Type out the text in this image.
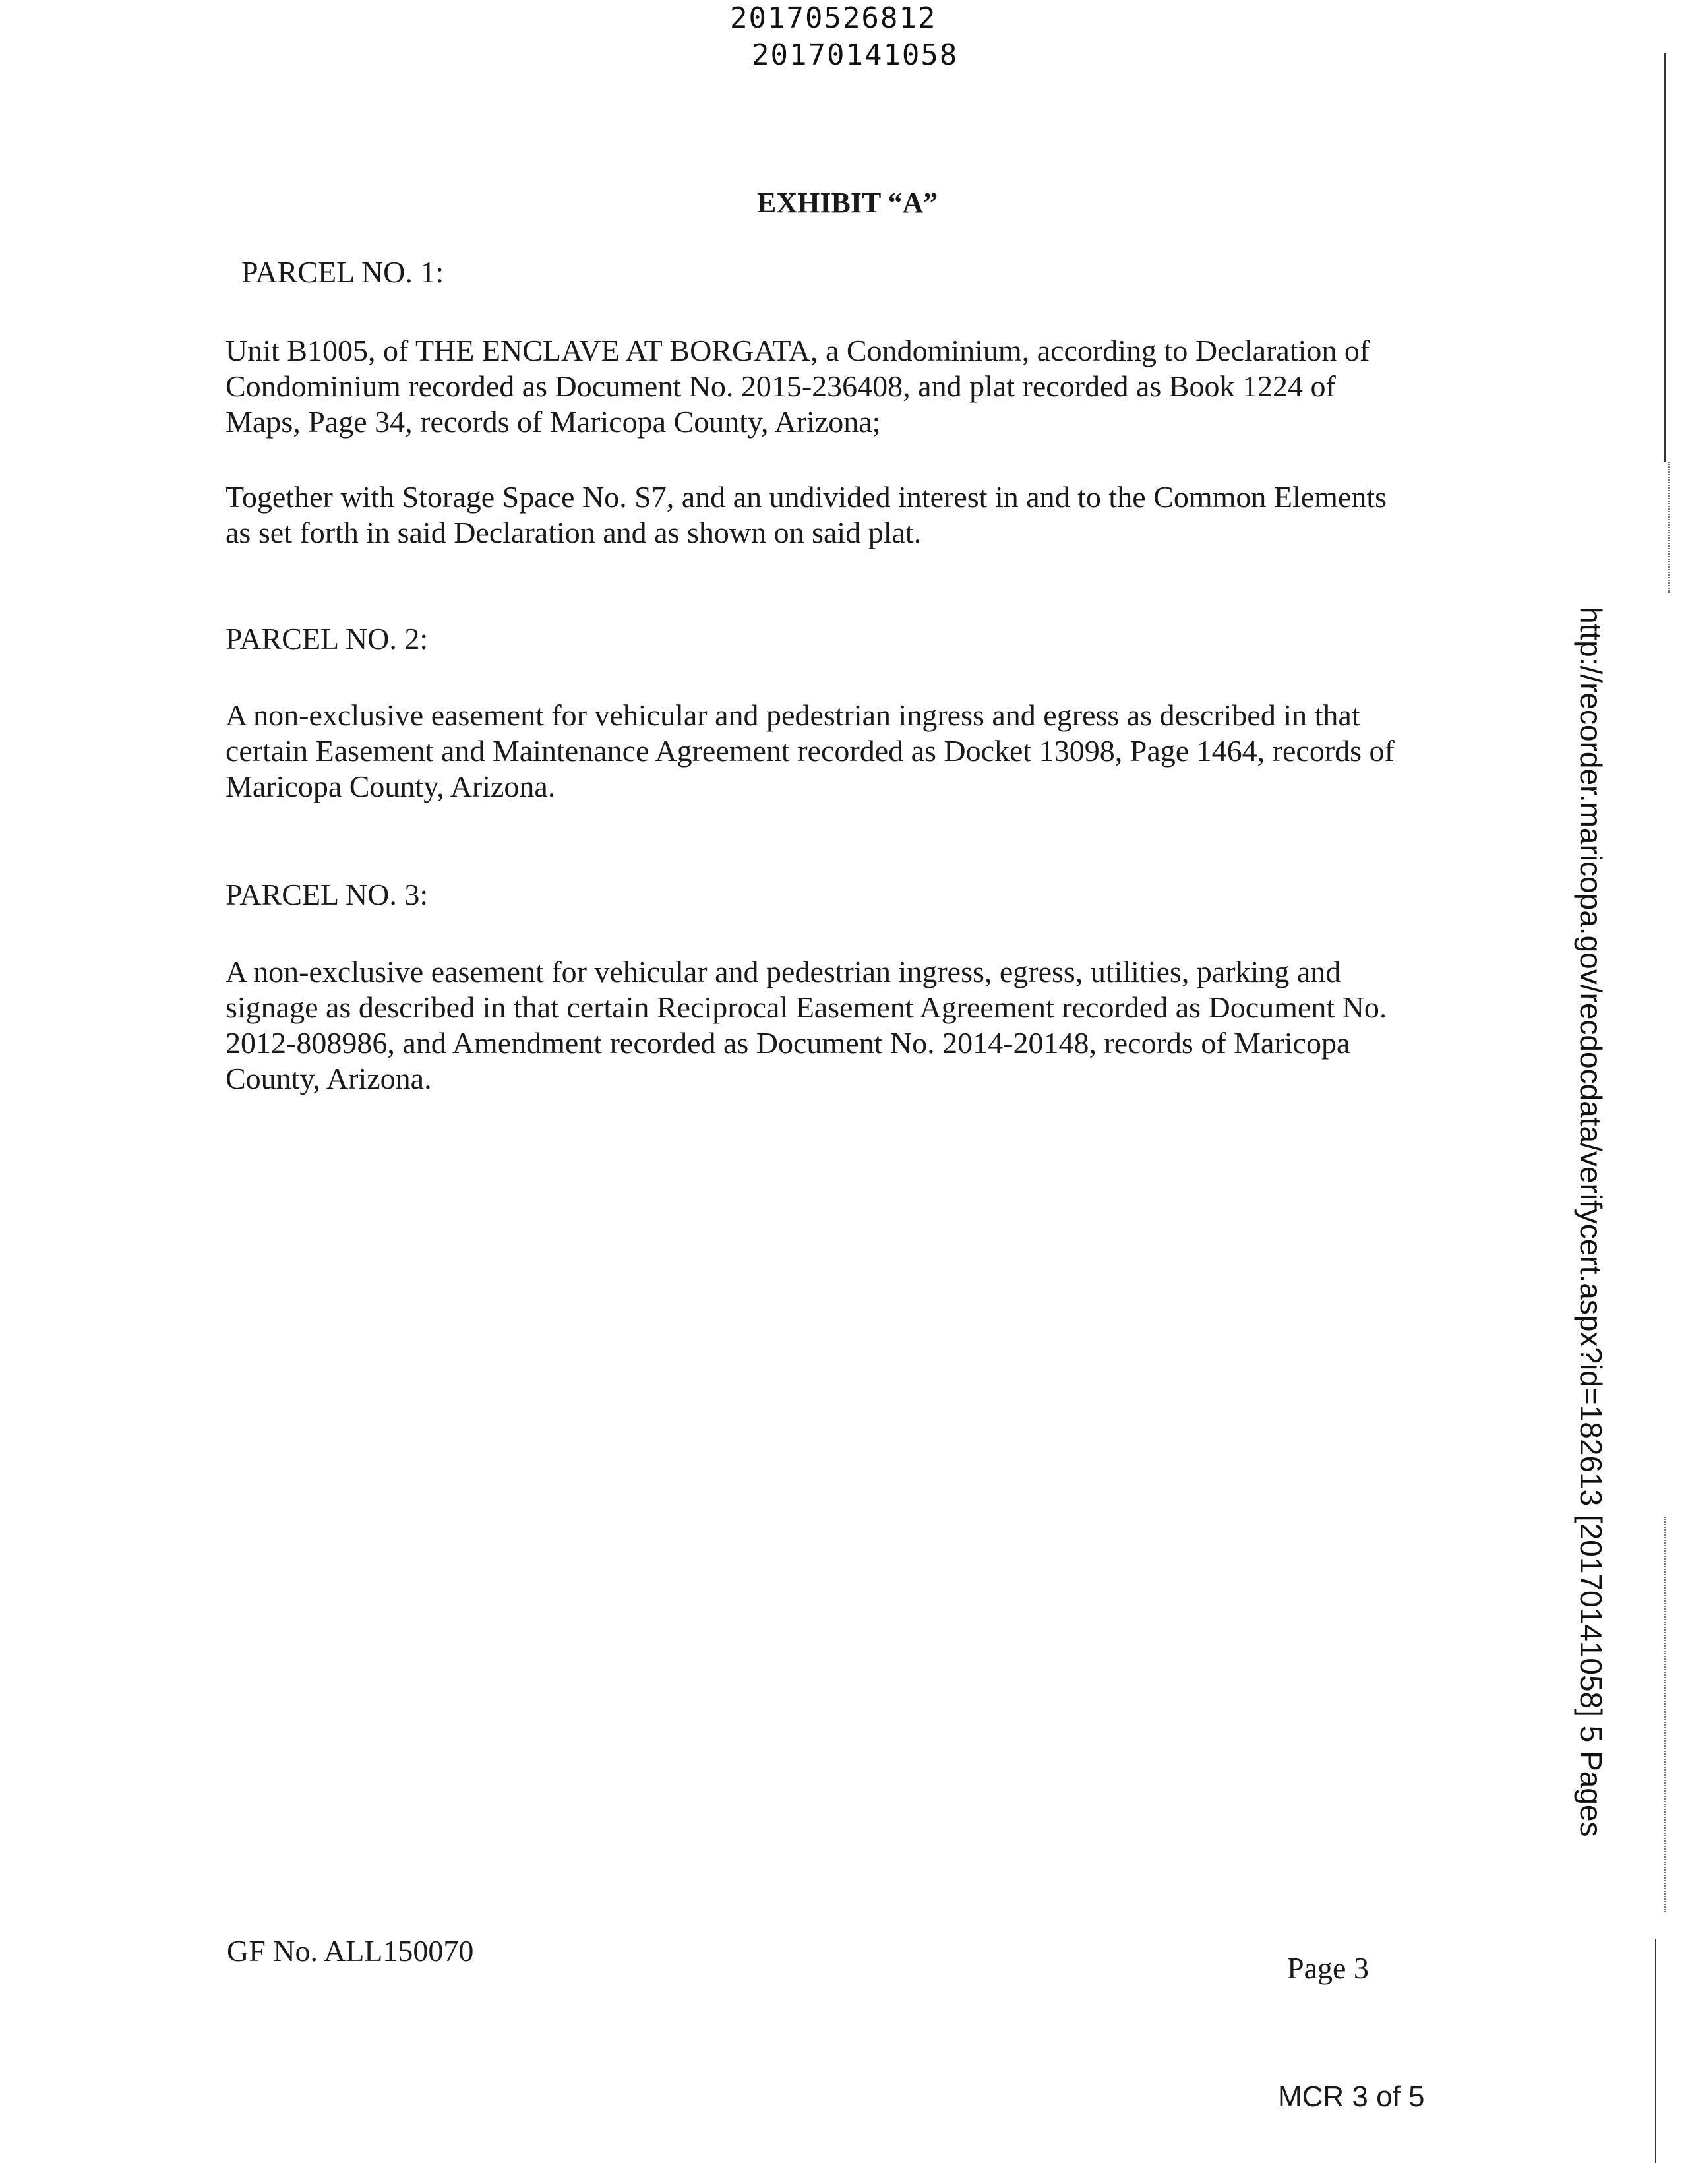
20170526812
20170141058
EXHIBIT “A”
PARCEL NO. 1:
Unit B1005, of THE ENCLAVE AT BORGATA, a Condominium, according to Declaration of
Condominium recorded as Document No. 2015-236408, and plat recorded as Book 1224 of
Maps, Page 34, records of Maricopa County, Arizona;
Together with Storage Space No. S7, and an undivided interest in and to the Common Elements
as set forth in said Declaration and as shown on said plat.
PARCEL NO. 2:
A non-exclusive easement for vehicular and pedestrian ingress and egress as described in that
certain Easement and Maintenance Agreement recorded as Docket 13098, Page 1464, records of
Maricopa County, Arizona.
PARCEL NO. 3:
A non-exclusive easement for vehicular and pedestrian ingress, egress, utilities, parking and
signage as described in that certain Reciprocal Easement Agreement recorded as Document No.
2012-808986, and Amendment recorded as Document No. 2014-20148, records of Maricopa
County, Arizona.
GF No. ALL150070
Page 3
MCR 3 of 5
http://recorder.maricopa.gov/recdocdata/verifycert.aspx?id=182613 [20170141058] 5 Pages
